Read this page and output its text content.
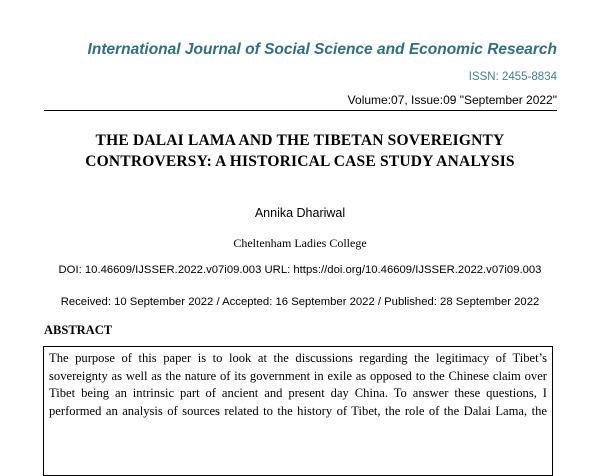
International Journal of Social Science and Economic Research
ISSN: 2455-8834
Volume:07, Issue:09 "September 2022"
THE DALAI LAMA AND THE TIBETAN SOVEREIGNTY
CONTROVERSY: A HISTORICAL CASE STUDY ANALYSIS
Annika Dhariwal
Cheltenham Ladies College
DOI: 10.46609/IJSSER.2022.v07i09.003 URL: https://doi.org/10.46609/IJSSER.2022.v07i09.003
Received: 10 September 2022 / Accepted: 16 September 2022 / Published: 28 September 2022
ABSTRACT
The purpose of this paper is to look at the discussions regarding the legitimacy of Tibet’s
sovereignty as well as the nature of its government in exile as opposed to the Chinese claim over
Tibet being an intrinsic part of ancient and present day China. To answer these questions, I
performed an analysis of sources related to the history of Tibet, the role of the Dalai Lama, the
